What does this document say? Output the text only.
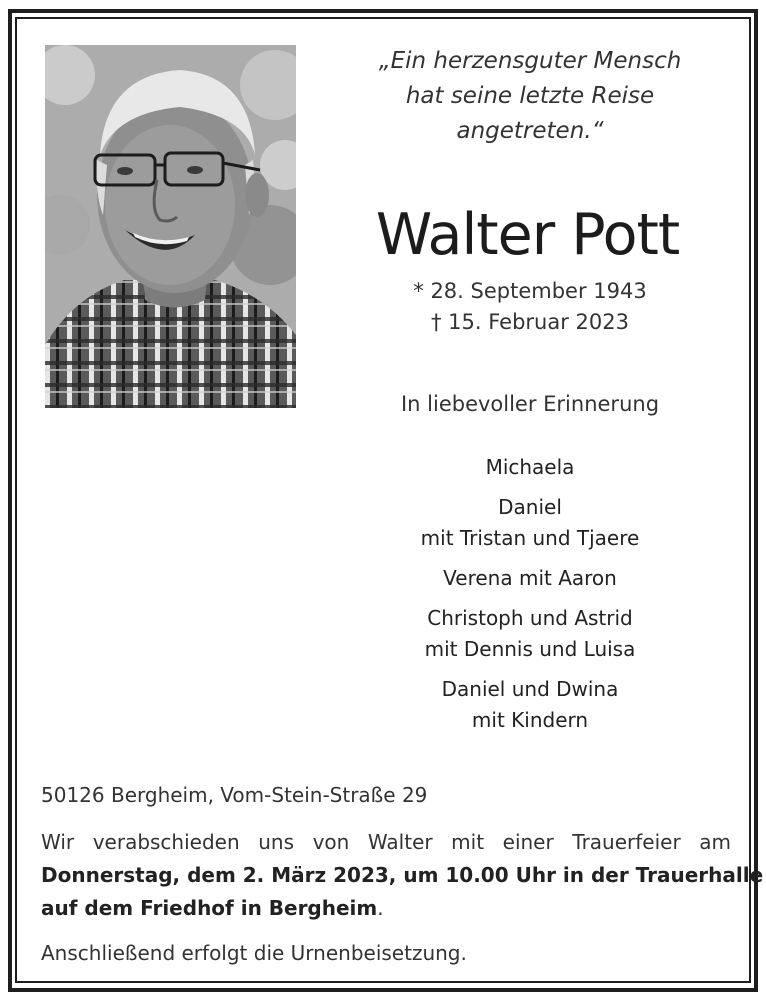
„Ein herzensguter Mensch
hat seine letzte Reise
angetreten.“
Walter Pott
* 28. September 1943
† 15. Februar 2023
In liebevoller Erinnerung
Michaela
Daniel
mit Tristan und Tjaere
Verena mit Aaron
Christoph und Astrid
mit Dennis und Luisa
Daniel und Dwina
mit Kindern
50126 Bergheim, Vom-Stein-Straße 29
Wir verabschieden uns von Walter mit einer Trauerfeier am
Donnerstag, dem 2. März 2023, um 10.00 Uhr in der Trauerhalle
auf dem Friedhof in Bergheim.
Anschließend erfolgt die Urnenbeisetzung.
